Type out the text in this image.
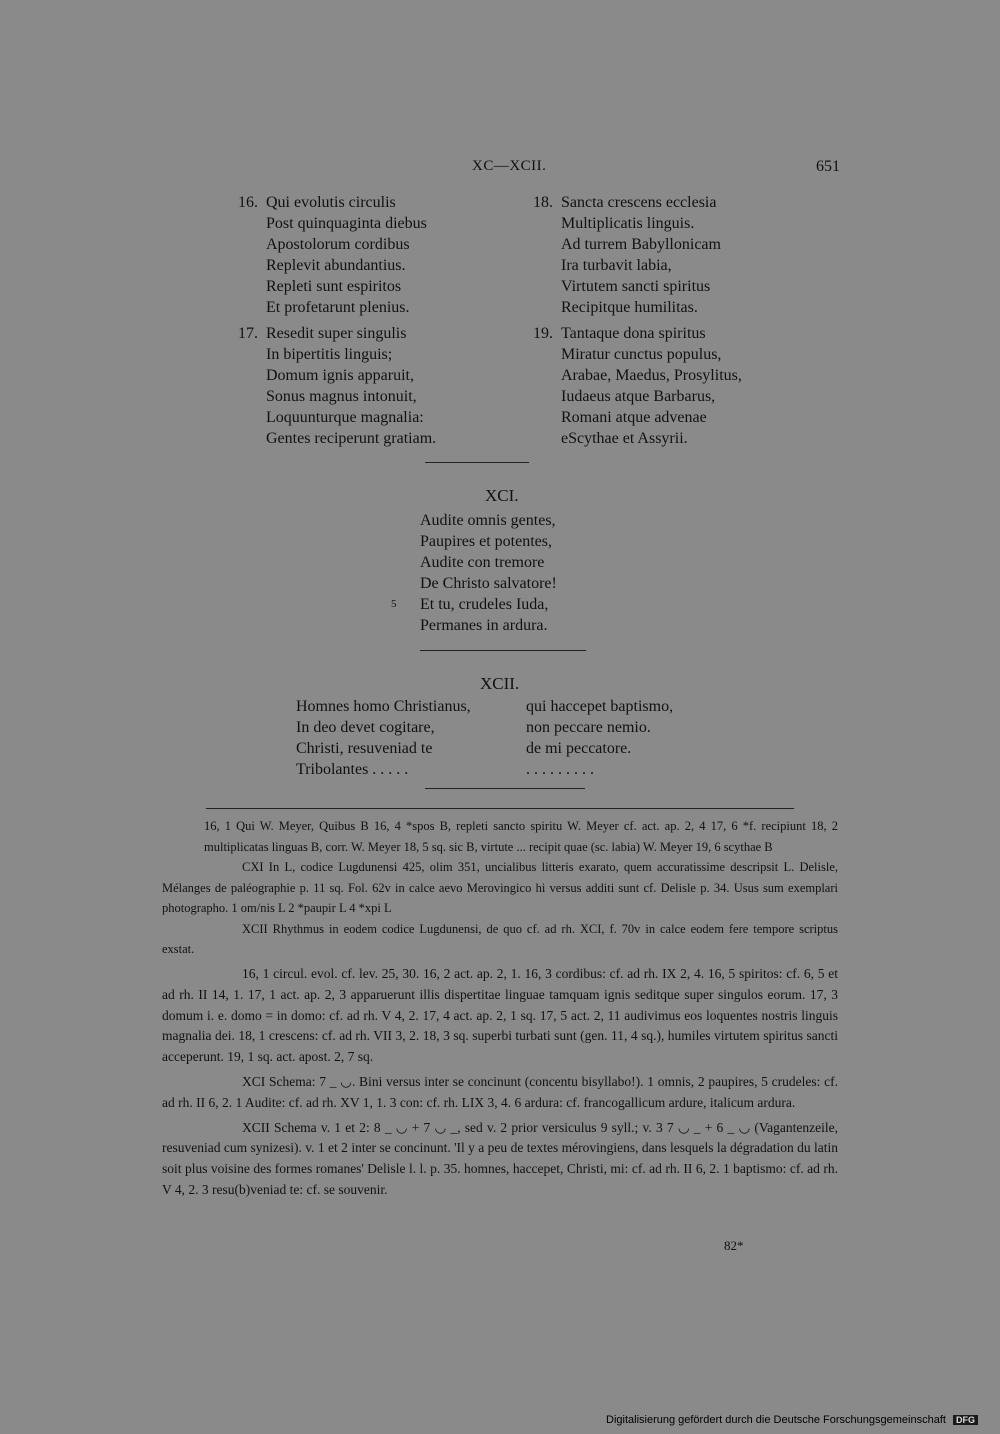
XC—XCII.	651
16. Qui evolutis circulis
Post quinquaginta diebus
Apostolorum cordibus
Replevit abundantius.
Repleti sunt espiritos
Et profetarunt plenius.
17. Resedit super singulis
In bipertitis linguis;
Domum ignis apparuit,
Sonus magnus intonuit,
Loquunturque magnalia:
Gentes reciperunt gratiam.
18. Sancta crescens ecclesia
Multiplicatis linguis.
Ad turrem Babyllonicam
Ira turbavit labia,
Virtutem sancti spiritus
Recipitque humilitas.
19. Tantaque dona spiritus
Miratur cunctus populus,
Arabae, Maedus, Prosylitus,
Iudaeus atque Barbarus,
Romani atque advenae
eScythae et Assyrii.
XCI.
Audite omnis gentes,
Paupires et potentes,
Audite con tremore
De Christo salvatore!
Et tu, crudeles Iuda,
Permanes in ardura.
5
XCII.
Homnes homo Christianus,
In deo devet cogitare,
Christi, resuveniad te
Tribolantes . . . . .
qui haccepet baptismo,
non peccare nemio.
de mi peccatore.
. . . . . . . . .

16, 1 Qui W. Meyer, Quibus B 16, 4 *spos B, repleti sancto spiritu W. Meyer cf. act. ap. 2, 4 17, 6 *f. recipiunt 18, 2 multiplicatas linguas B, corr. W. Meyer 18, 5 sq. sic B, virtute ... recipit quae (sc. labia) W. Meyer 19, 6 scythae B

CXI In L, codice Lugdunensi 425, olim 351, uncialibus litteris exarato, quem accuratissime descripsit L. Delisle, Mélanges de paléographie p. 11 sq. Fol. 62v in calce aevo Merovingico hi versus additi sunt cf. Delisle p. 34. Usus sum exemplari photographo. 1 om/nis L 2 *paupir L 4 *xpi L

XCII Rhythmus in eodem codice Lugdunensi, de quo cf. ad rh. XCI, f. 70v in calce eodem fere tempore scriptus exstat.

16, 1 circul. evol. cf. lev. 25, 30. 16, 2 act. ap. 2, 1. 16, 3 cordibus: cf. ad rh. IX 2, 4. 16, 5 spiritos: cf. 6, 5 et ad rh. II 14, 1. 17, 1 act. ap. 2, 3 apparuerunt illis dispertitae linguae tamquam ignis seditque super singulos eorum. 17, 3 domum i. e. domo = in domo: cf. ad rh. V 4, 2. 17, 4 act. ap. 2, 1 sq. 17, 5 act. 2, 11 audivimus eos loquentes nostris linguis magnalia dei. 18, 1 crescens: cf. ad rh. VII 3, 2. 18, 3 sq. superbi turbati sunt (gen. 11, 4 sq.), humiles virtutem spiritus sancti acceperunt. 19, 1 sq. act. apost. 2, 7 sq.

XCI Schema: 7 _ ◡. Bini versus inter se concinunt (concentu bisyllabo!). 1 omnis, 2 paupires, 5 crudeles: cf. ad rh. II 6, 2. 1 Audite: cf. ad rh. XV 1, 1. 3 con: cf. rh. LIX 3, 4. 6 ardura: cf. francogallicum ardure, italicum ardura.

XCII Schema v. 1 et 2: 8 _ ◡ + 7 ◡ _, sed v. 2 prior versiculus 9 syll.; v. 3 7 ◡ _ + 6 _ ◡ (Vagantenzeile, resuveniad cum synizesi). v. 1 et 2 inter se concinunt. 'Il y a peu de textes mérovingiens, dans lesquels la dégradation du latin soit plus voisine des formes romanes' Delisle l. l. p. 35. homnes, haccepet, Christi, mi: cf. ad rh. II 6, 2. 1 baptismo: cf. ad rh. V 4, 2. 3 resu(b)veniad te: cf. se souvenir.

82*
Digitalisierung gefördert durch die Deutsche Forschungsgemeinschaft DFG
